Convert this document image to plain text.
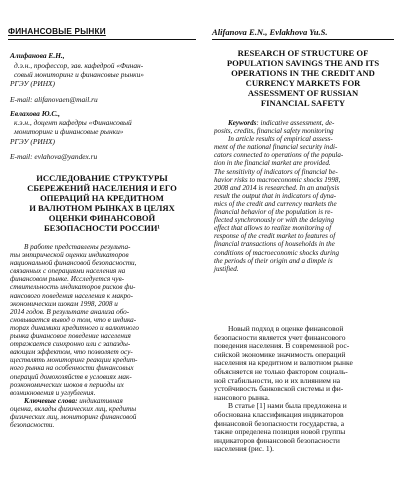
ФИНАНСОВЫЕ РЫНКИ	Alifanova E.N., Evlakhova Yu.S.
Алифанова Е.Н.,
д.э.н., профессор, зав. кафедрой «Финан-
совый мониторинг и финансовые рынки»
РГЭУ (РИНХ)
E-mail: alifanovaen@mail.ru
Евлахова Ю.С.,
к.э.н., доцент кафедры «Финансовый
мониторинг и финансовые рынки»
РГЭУ (РИНХ)
E-mail: evlahova@yandex.ru
ИССЛЕДОВАНИЕ СТРУКТУРЫ
СБЕРЕЖЕНИЙ НАСЕЛЕНИЯ И ЕГО
ОПЕРАЦИЙ НА КРЕДИТНОМ
И ВАЛЮТНОМ РЫНКАХ В ЦЕЛЯХ
ОЦЕНКИ ФИНАНСОВОЙ
БЕЗОПАСНОСТИ РОССИИ¹
В работе представлены результа-
ты эмпирической оценки индикаторов
национальной финансовой безопасности,
связанных с операциями населения на
финансовом рынке. Исследуется чув-
ствительность индикаторов рисков фи-
нансового поведения населения к макро-
экономическим шокам 1998, 2008 и
2014 годов. В результате анализа обо-
сновывается вывод о том, что в индика-
торах динамики кредитного и валютного
рынка финансовое поведение населения
отражается синхронно или с запазды-
вающим эффектом, что позволяет осу-
ществлять мониторинг реакции кредит-
ного рынка на особенности финансовых
операций домохозяйств в условиях мак-
роэкономических шоков в периоды их
возникновения и углубления.
Ключевые слова: индикативная
оценка, вклады физических лиц, кредиты
физических лиц, мониторинг финансовой
безопасности.
RESEARCH OF STRUCTURE OF
POPULATION SAVINGS THE AND ITS
OPERATIONS IN THE CREDIT AND
CURRENCY MARKETS FOR
ASSESSMENT OF RUSSIAN
FINANCIAL SAFETY
Keywords: indicative assessment, de-
posits, credits, financial safety monitoring
In article results of empirical assess-
ment of the national financial security indi-
cators connected to operations of the popula-
tion in the financial market are provided.
The sensitivity of indicators of financial be-
havior risks to macroeconomic shocks 1998,
2008 and 2014 is researched. In an analysis
result the output that in indicators of dyna-
mics of the credit and currency markets the
financial behavior of the population is re-
flected synchronously or with the delaying
effect that allows to realize monitoring of
response of the credit market to features of
financial transactions of households in the
conditions of macroeconomic shocks during
the periods of their origin and a dimple is
justified.
Новый подход в оценке финансовой
безопасности является учет финансового
поведения населения. В современной рос-
сийской экономике значимость операций
населения на кредитном и валютном рынке
объясняется не только фактором социаль-
ной стабильности, но и их влиянием на
устойчивость банковской системы и фи-
нансового рынка.
В статье [1] нами была предложена и
обоснована классификация индикаторов
финансовой безопасности государства, а
также определена позиция новой группы
индикаторов финансовой безопасности
населения (рис. 1).
